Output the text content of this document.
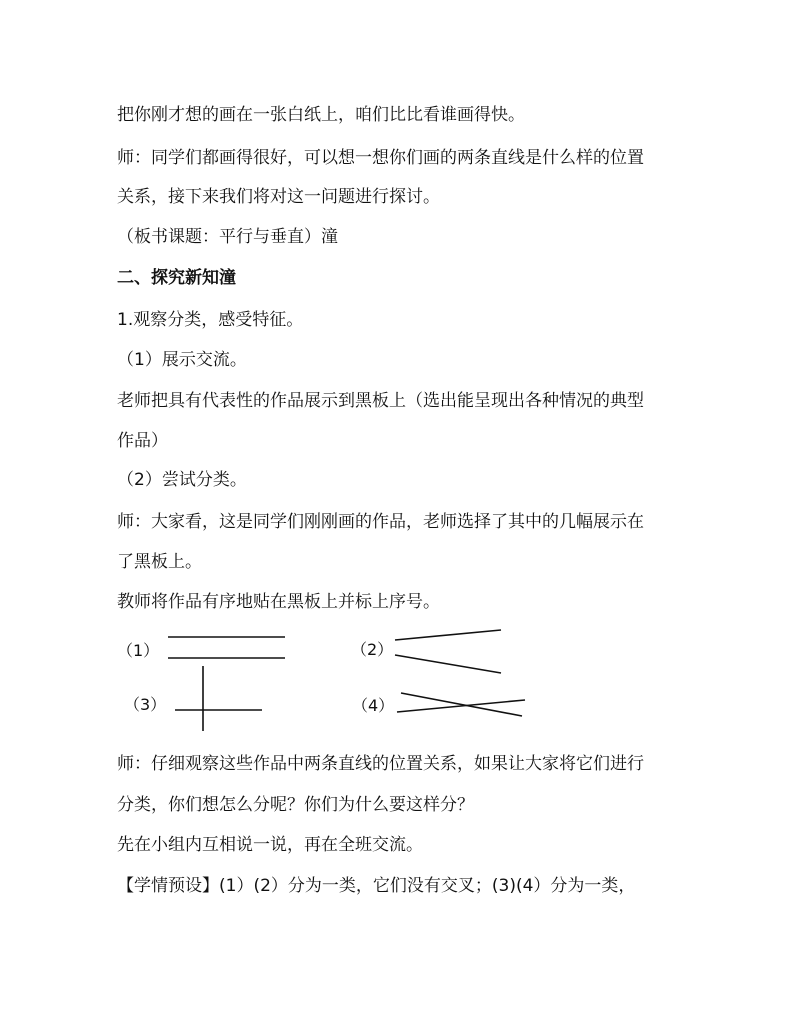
把你刚才想的画在一张白纸上，咱们比比看谁画得快。
师：同学们都画得很好，可以想一想你们画的两条直线是什么样的位置
关系，接下来我们将对这一问题进行探讨。
（板书课题：平行与垂直）潼
二、探究新知潼
1.观察分类，感受特征。
（1）展示交流。
老师把具有代表性的作品展示到黑板上（选出能呈现出各种情况的典型
作品）
（2）尝试分类。
师：大家看，这是同学们刚刚画的作品，老师选择了其中的几幅展示在
了黑板上。
教师将作品有序地贴在黑板上并标上序号。
（1）	（2）
（3）	（4）
师：仔细观察这些作品中两条直线的位置关系，如果让大家将它们进行
分类，你们想怎么分呢？你们为什么要这样分？
先在小组内互相说一说，再在全班交流。
【学情预设】(1）(2）分为一类，它们没有交叉；(3)(4）分为一类，
